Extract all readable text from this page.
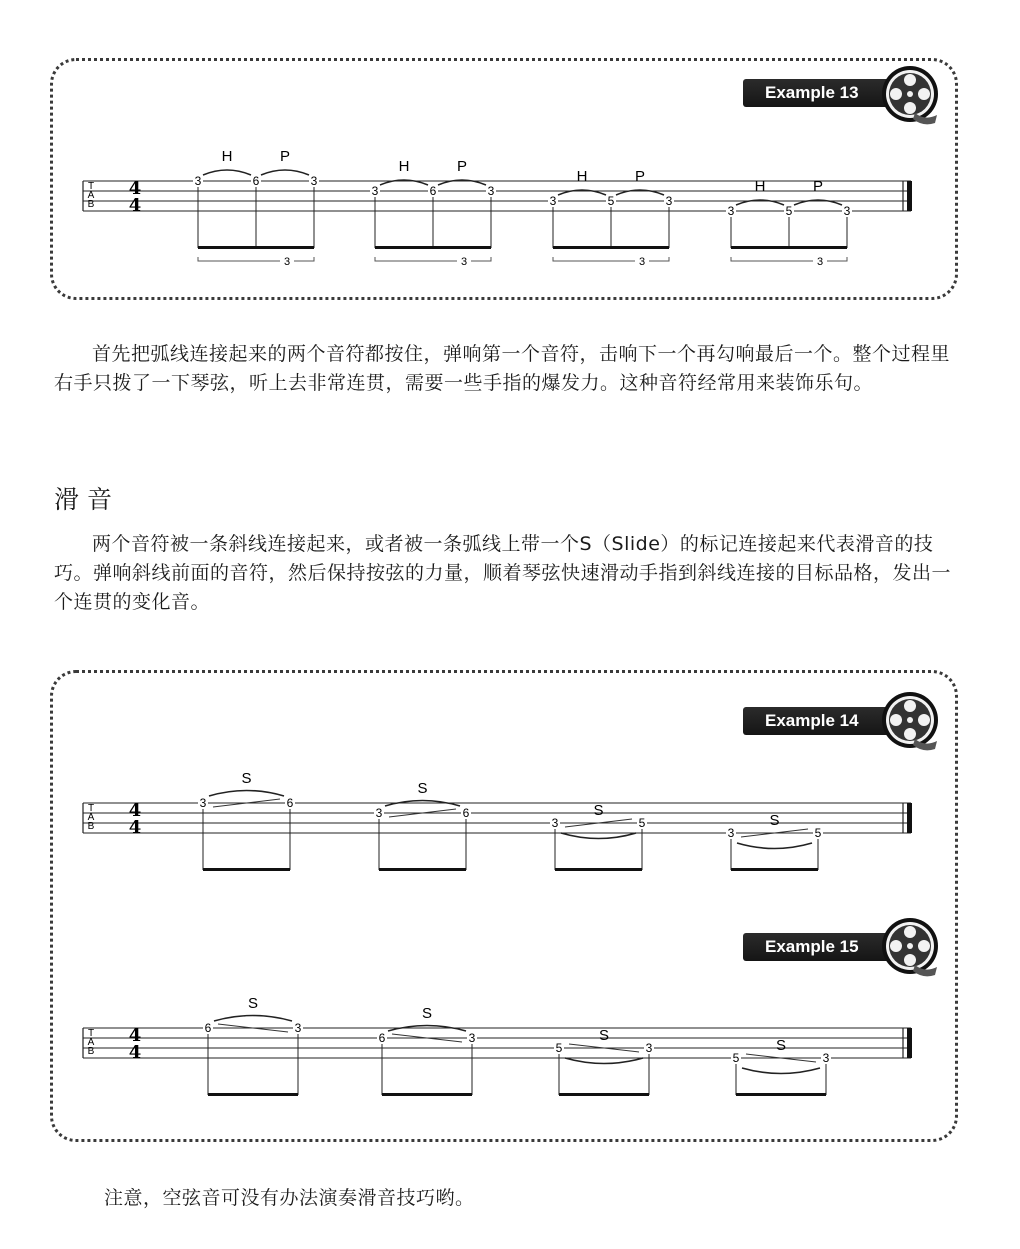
Example 13
T
A
B
4
4
3	6	3
H	P
3
3	6	3
H	P
3
3	5	3
H	P
3
3	5	3
H	P
3

首先把弧线连接起来的两个音符都按住，弹响第一个音符，击响下一个再勾响最后一个。整个过程里右手只拨了一下琴弦，听上去非常连贯，需要一些手指的爆发力。这种音符经常用来装饰乐句。

滑音

两个音符被一条斜线连接起来，或者被一条弧线上带一个S（Slide）的标记连接起来代表滑音的技巧。弹响斜线前面的音符，然后保持按弦的力量，顺着琴弦快速滑动手指到斜线连接的目标品格，发出一个连贯的变化音。

Example 14
Example 15
T
A
B
4
4
3	6
S
3	6
S
3	5
S
3	5
S
T
A
B
4
4
6	3
S
6	3
S
5	3
S
5	3
S

注意，空弦音可没有办法演奏滑音技巧哟。
